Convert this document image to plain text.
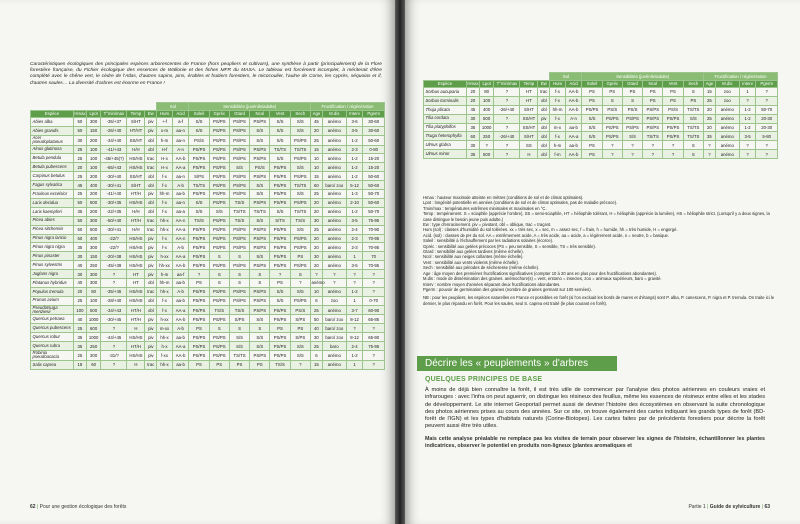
Caractéristiques écologiques des principales espèces arborescentes de France (hors peupliers et cultivars), une synthèse à partir (principalement) de la Flore forestière française, du Fichier écologique des essences de Wallonie et des fiches MFR du MASA. Le tableau est forcément incomplet, à mériterait d'être complété avec le chêne vert, le cèdre de l'Atlas, d'autres sapins, pins, érables et fruitiers forestiers, le micocoulier, l'aulne de Corse, les cyprès, séquoias et if, d'autres saules… La diversité d'arbres est énorme en France !
						Sol		Sensibilités (juvénile/adulte)						Fructification / régénération			
Espèce	Hmax	Lpot	T°min/max	Temp	Ew	Hum	Acid	Soleil	Gpréc	Gtard	Ncol	Vent	Sech	Age	M.dis	Interv	Pgerm
Abies alba	50	300	-35/+37	S/HT	piv	+-f	a-f	S/S	PS/PS	PS/PS	PS/PS	S/S	S/S	45	anémo	3-6	30-60
Abies grandis	50	150	-26/+40	HT/HT	piv	x-m	aa-n	S/S	PS/PS	PS/PS	S/S	S/S	S/S	20	anémo	3-5	30-60
Acer pseudoplatanus	30	200	-34/+40	SS/HT	obl	h-m	aa-n	PS/S	PS/PS	PS/PS	S/S	S/S	PS/PS	25	anémo	1-2	50-60
Alnus glutinosa	25	100	-41/+43	H/H	obl	H-f	A-n	PS/PS	PS/PS	PS/PS	PS/PS	TS/TS	TS/TS	15	anémo	2-3	0-80
Betula pendula	25	100	-45/+45(?)	HS/HS	trac	H-x	AA-b	PS/PS	PS/PS	PS/PS	PS/PS	S/S	PS/PS	10	anémo	1-2	15-20
Betula pubescens	20	100	-65/+43	HS/HS	trac	H-x	AA-a	PS/PS	PS/PS	S/S	PS/S	PS/PS	S/S	10	anémo	1-2	15-20
Carpinus betulus	25	200	-30/+40	SS/HT	obl	f-x	aa-n	S/PS	PS/PS	PS/PS	PS/PS	PS/PS	PS/PS	15	anémo	1-2	50-60
Fagus sylvatica	45	400	-30/+41	S/HT	obl	f-x	A-b	TS/TS	PS/PS	PS/PS	S/S	PS/PS	TS/TS	60	baro/ zoo	5-12	50-60
Fraxinus excelsior	25	200	-41/+40	HT/H	piv	hh-m	aa-b	PS/PS	PS/PS	PS/PS	S/S	PS/PS	S/S	25	anémo	1-3	50-70
Larix decidua	50	500	-30/+35	HS/HS	obl	f-x	aa-n	S/S	PS/PS	TS/S	PS/PS	PS/PS	PS/PS	20	anémo	2-10	50-60
Larix kaempferi	35	200	-22/+35	H/H	obl	f-x	aa-a	S/S	S/S	TS/TS	TS/TS	S/S	TS/TS	20	anémo	1-2	50-70
Picea abies	50	300	-50/+40	HT/H	trac	hh-x	AA-n	TS/S	PS/PS	TS/S	S/S	S/TS	TS/S	30	anémo	3-5	75-95
Picea sitchensis	50	500	-30/+41	H/H	trac	hh-x	AA-a	PS/PS	PS/PS	PS/PS	PS/PS	PS/PS	S/S	25	anémo	2-4	70-90
Pinus nigra laricio	50	400	-22/?	HS/HS	piv	f-x	AA-n	PS/PS	PS/PS	PS/PS	PS/PS	PS/PS	PS/PS	20	anémo	2-3	70-95
Pinus nigra nigra	35	300	-22/?	HS/HS	piv	f-x	A-b	PS/PS	PS/PS	PS/PS	PS/PS	PS/PS	PS/PS	20	anémo	2-3	70-95
Pinus pinaster	30	150	-20/+38	HS/HS	piv	h-xx	AA-a	PS/PS	S	S	S/S	PS/PS	PS	30	anémo	1	70
Pinus sylvestris	40	250	-45/+39	HS/HS	piv	hh-xx	AA-b	PS/PS	PS/PS	PS/PS	PS/PS	PS/PS	PS/PS	20	anémo	3-5	70-95
Juglans nigra	30	300	?	HT	piv	h-m	aa-f	?	S	S	S	?	S	?	?	?	?
Platanus hybridus	40	300	?	HT	obl	hh-m	aa-b	PS	S	S	S	PS	?	anémo	?	?	?
Populus tremula	20	80	-35/+45	HS/HS	trac	hh-x	A-b	PS/PS	PS/PS	PS/PS	PS/PS	S/S	S/S	10	anémo	1-2	?
Prunus avium	25	100	-28/+40	HS/HS	obl	f-x	aa-b	PS/PS	PS/PS	PS/PS	PS/PS	S/S	PS/PS	6	zoo	1	0-70
Pseudotsuga menziesii	100	500	-34/+43	HT/H	obl	f-x	AA-a	PS/PS	TS/S	TS/S	PS/PS	PS/PS	PS/S	25	anémo	3-7	60-90
Quercus petraea	40	1000	-30/+45	HT/H	piv	h-xx	AA-b	PS/PS	PS/PS	S/PS	S/S	PS/PS	S/PS	50	baro/ zoo	8-12	65-85
Quercus pubescens	25	600	?	H	piv	m-xx	A-b	PS	S	S	S	PS	PS	40	baro/ zoo	?	?
Quercus robur	35	1000	-44/+45	HS/HS	piv	hh-x	aa-b	PS/PS	PS/PS	S/S	S/S	PS/PS	S/PS	30	baro/ zoo	8-12	65-90
Quercus rubra	35	250	?	HT/H	piv	h-x	AA-a	PS/PS	PS/PS	S/S	S/S	PS/PS	S/S	25	baro	2-4	75-95
Robinia pseudoacacia	25	300	-31/?	HS/HS	piv	f-xx	AA-b	PS/PS	PS/PS	TS/TS	PS/PS	PS/PS	S/S	6	anémo	1-2	?
Salix caprea	18	60	?	H	trac	hh-x	aa-b	PS	PS	PS	PS	TS/S	?	15	anémo	1	?
62 | Pour une gestion écologique des forêts
						Sol		Sensibilités (juvénile/adulte)						Fructification / régénération			
Espèce	Hmax	Lpot	T°min/max	Temp	Ew	Hum	Acid	Soleil	Gpréc	Gtard	Ncol	Vent	Sech	Age	M.dis	Interv	Pgerm
Sorbus aucuparia	20	80	?	HT	trac	f-x	AA-b	PS	PS	PS	PS	PS	S	15	zoo	1	?
Sorbus torminalis	20	100	?	HT	obl	f-x	AA-b	PS	S	S	PS	PS	PS	25	zoo	?	?
Thuja plicata	45	400	-26/+40	S/HT	obl	hh-m	AA-b	PS/PS	PS/S	PS/S	PS/PS	PS/S	TS/TS	20	anémo	1-2	50-70
Tilia cordata	30	500	?	SS/HT	piv	f-x	A-n	S/S	PS/PS	PS/PS	PS/PS	PS/PS	S/S	25	anémo	1-2	20-30
Tilia platyphillos	35	1000	?	SS/HT	obl	m-x	aa-b	S/S	PS/PS	PS/PS	PS/PS	PS/PS	TS/TS	20	anémo	1-2	20-30
Tsuga heterophylla	60	250	-26/+40	S/HT	obl	f-x	AA-a	S/S	PS/PS	S/S	TS/TS	PS/PS	TS/TS	35	anémo	3-5	5-80
Ulmus glabra	30	?	?	SS	obl	h-m	aa-b	PS	?	?	?	?	S	?	anémo	?	?
Ulmus minor	35	500	?	H	obl	f-m	AA-b	PS	?	?	?	?	S	?	anémo	?	?

Hmax : hauteur maximale atteinte en mètres (conditions de sol et de climat optimales).

Lpot : longévité potentielle en années (conditions de sol et de climat optimales, pas de maladie précoce).

Tmin/max : températures extrêmes minimales et maximales en °C.

Temp : tempérament. S = sciaphile (apprécie l'ombre), SS = semi-sciaphile, HT = héliophile tolérant, H = héliophile (apprécie la lumière), HS = héliophile strict. (Lorsqu'il y a deux signes, la case distingue le besoin jeune puis adulte.)

Ew : type d'enracinement. piv = pivotant, obl = oblique, trac = traçant.

Hum (sol) : classes d'humidité du sol tolérées. xx = très sec, x = sec, m = assez sec, f = frais, h = humide, hh = très humide, H = engorgé.

Acid. (sol) : classes de pH du sol. AA = extrêmement acide, A = très acide, aa = acide, a = légèrement acide, n = neutre, b = basique.

Soleil : sensibilité à l'échauffement par les radiations solaires (écorce).

Gpréc : sensibilité aux gelées précoces (PS = peu sensible, S = sensible, TS = très sensible).

Gtard : sensibilité aux gelées tardives (même échelle).

Ncol : sensibilité aux neiges collantes (même échelle).

Vent : sensibilité aux vents violents (même échelle).

Sech : sensibilité aux périodes de sécheresse (même échelle).

Age : âge moyen des premières fructifications significatives (compter 10 à 20 ans en plus pour des fructifications abondantes).

M.dis : mode de dissémination des graines. anémochore(s) = vent, entomo = insectes, zoo = animaux supérieurs, baro = gravité.

Interv : nombre moyen d'années séparant deux fructifications abondantes.

Pgerm : pouvoir de germination des graines (nombre de graines germant sur 100 semées).

NB : pour les peupliers, les espèces naturelles en France et possibles en forêt (si l'on excluait les bords de mares et d'étangs) sont P. alba, P. canescens, P. nigra et P. tremula. On traite ici le dernier, le plus répandu en forêt. Pour les saules, seul S. caprea est traité (le plus courant en forêt).

Décrire les « peuplements » d'arbres
QUELQUES PRINCIPES DE BASE

À moins de déjà bien connaître la forêt, il est très utile de commencer par l'analyse des photos aériennes en couleurs vraies et infrarouges : avec l'infra on peut aguerrir, on distingue les résineux des feuillus, même les essences de résineux entre elles et les stades de développement. Le site internet Geoportail permet aussi de deviner l'histoire des écosystèmes en observant la suite chronologique des photos aériennes prises au cours des années. Sur ce site, on trouve également des cartes indiquant les grands types de forêt (BD-forêt de l'IGN) et les types d'habitats naturels (Corine-Biotopes). Les cartes faites par de précédents forestiers pour décrire la forêt peuvent aussi être très utiles.

Mais cette analyse préalable ne remplace pas les visites de terrain pour observer les signes de l'histoire, échantillonner les plantes indicatrices, observer le potentiel en produits non-ligneux (plantes aromatiques et

Partie 1 | Guide de sylviculture | 63
